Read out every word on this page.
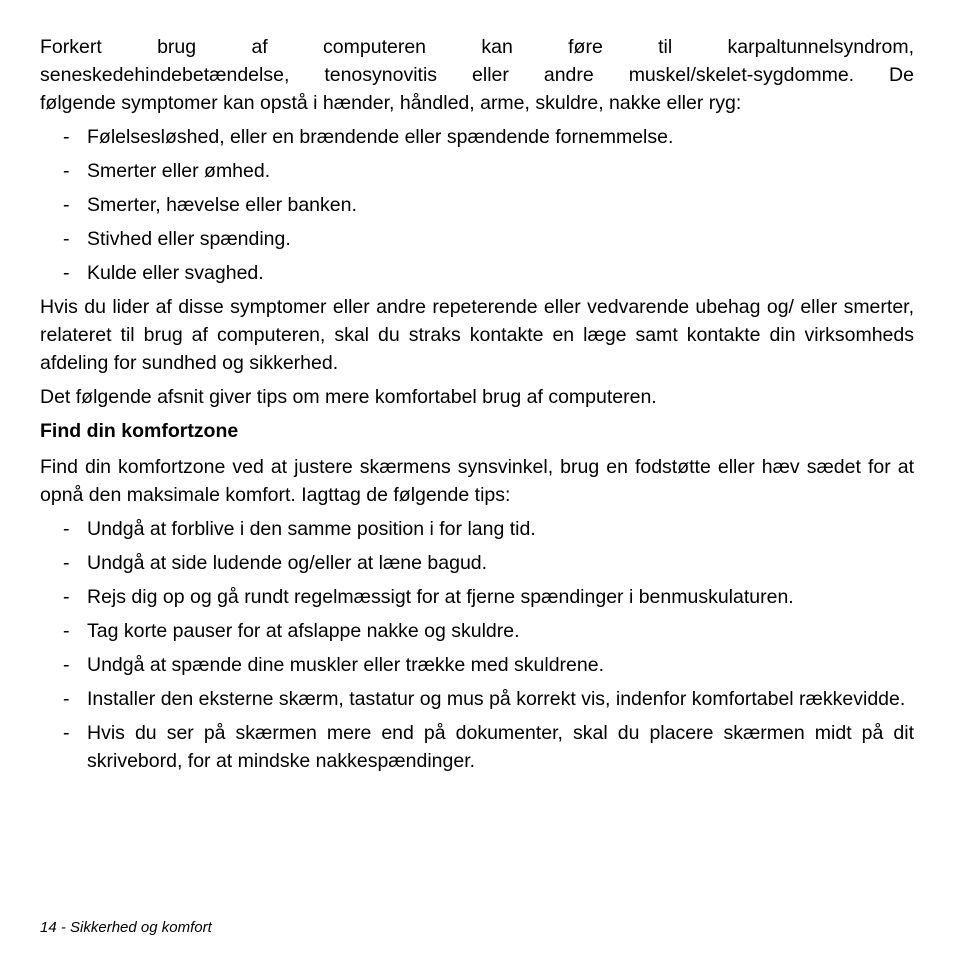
Forkert brug af computeren kan føre til karpaltunnelsyndrom,

seneskedehindebetændelse, tenosynovitis eller andre muskel/skelet-sygdomme. De

følgende symptomer kan opstå i hænder, håndled, arme, skuldre, nakke eller ryg:

- Følelsesløshed, eller en brændende eller spændende fornemmelse.
- Smerter eller ømhed.
- Smerter, hævelse eller banken.
- Stivhed eller spænding.
- Kulde eller svaghed.

Hvis du lider af disse symptomer eller andre repeterende eller vedvarende ubehag og/ eller smerter, relateret til brug af computeren, skal du straks kontakte en læge samt kontakte din virksomheds afdeling for sundhed og sikkerhed.

Det følgende afsnit giver tips om mere komfortabel brug af computeren.

Find din komfortzone

Find din komfortzone ved at justere skærmens synsvinkel, brug en fodstøtte eller hæv sædet for at opnå den maksimale komfort. Iagttag de følgende tips:

- Undgå at forblive i den samme position i for lang tid.
- Undgå at side ludende og/eller at læne bagud.
- Rejs dig op og gå rundt regelmæssigt for at fjerne spændinger i benmuskulaturen.
- Tag korte pauser for at afslappe nakke og skuldre.
- Undgå at spænde dine muskler eller trække med skuldrene.
- Installer den eksterne skærm, tastatur og mus på korrekt vis, indenfor komfortabel rækkevidde.
- Hvis du ser på skærmen mere end på dokumenter, skal du placere skærmen midt på dit skrivebord, for at mindske nakkespændinger.
14 - Sikkerhed og komfort
